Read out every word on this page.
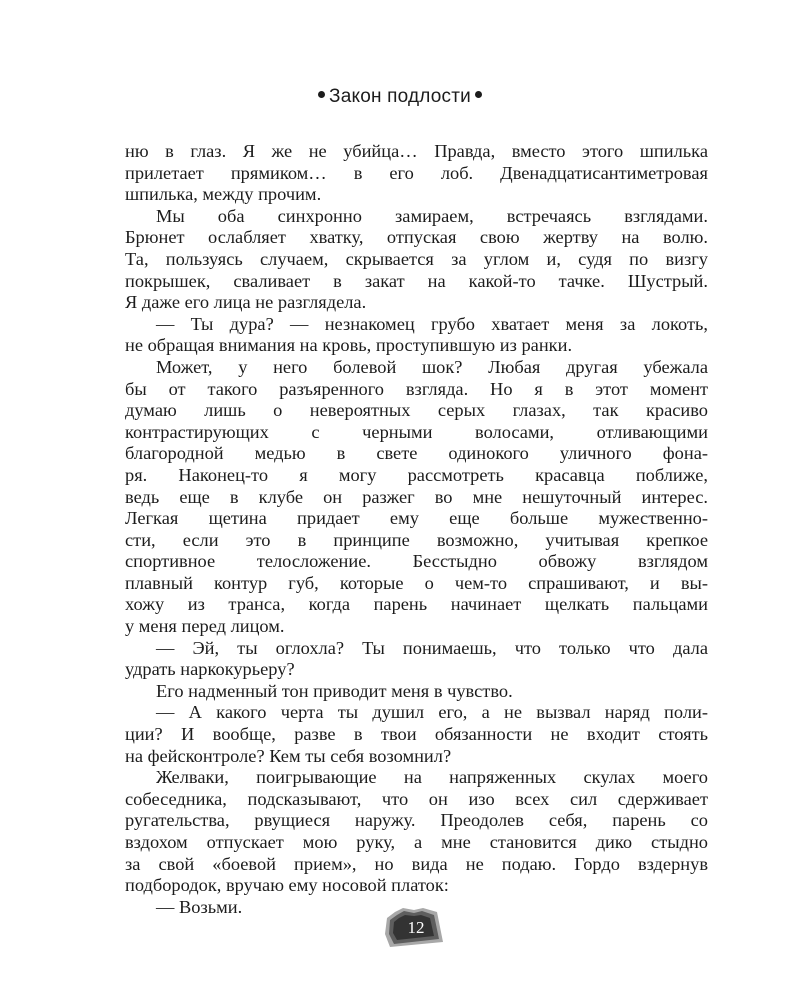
Закон подлости

ню в глаз. Я же не убийца… Правда, вместо этого шпилька

прилетает прямиком… в его лоб. Двенадцатисантиметровая

шпилька, между прочим.

Мы оба синхронно замираем, встречаясь взглядами.

Брюнет ослабляет хватку, отпуская свою жертву на волю.

Та, пользуясь случаем, скрывается за углом и, судя по визгу

покрышек, сваливает в закат на какой-то тачке. Шустрый.

Я даже его лица не разглядела.

— Ты дура? — незнакомец грубо хватает меня за локоть,

не обращая внимания на кровь, проступившую из ранки.

Может, у него болевой шок? Любая другая убежала

бы от такого разъяренного взгляда. Но я в этот момент

думаю лишь о невероятных серых глазах, так красиво

контрастирующих с черными волосами, отливающими

благородной медью в свете одинокого уличного фона-

ря. Наконец-то я могу рассмотреть красавца поближе,

ведь еще в клубе он разжег во мне нешуточный интерес.

Легкая щетина придает ему еще больше мужественно-

сти, если это в принципе возможно, учитывая крепкое

спортивное телосложение. Бесстыдно обвожу взглядом

плавный контур губ, которые о чем-то спрашивают, и вы-

хожу из транса, когда парень начинает щелкать пальцами

у меня перед лицом.

— Эй, ты оглохла? Ты понимаешь, что только что дала

удрать наркокурьеру?

Его надменный тон приводит меня в чувство.

— А какого черта ты душил его, а не вызвал наряд поли-

ции? И вообще, разве в твои обязанности не входит стоять

на фейсконтроле? Кем ты себя возомнил?

Желваки, поигрывающие на напряженных скулах моего

собеседника, подсказывают, что он изо всех сил сдерживает

ругательства, рвущиеся наружу. Преодолев себя, парень со

вздохом отпускает мою руку, а мне становится дико стыдно

за свой «боевой прием», но вида не подаю. Гордо вздернув

подбородок, вручаю ему носовой платок:

— Возьми.

12
